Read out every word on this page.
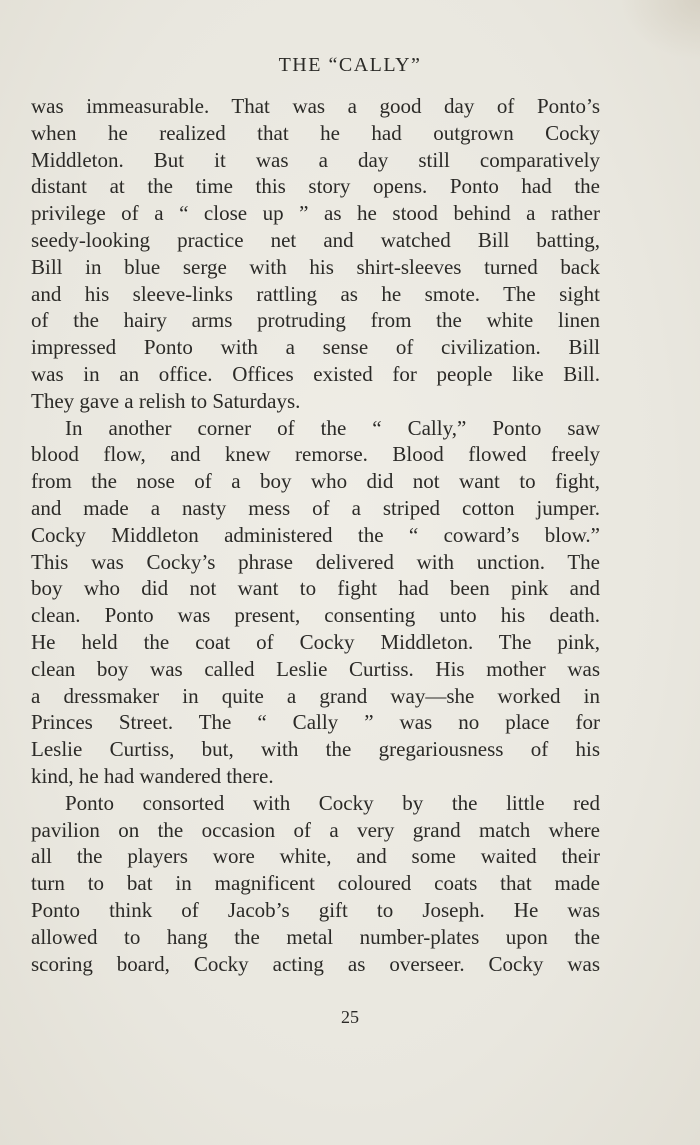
THE “CALLY”
was immeasurable. That was a good day of Ponto’s
when he realized that he had outgrown Cocky
Middleton. But it was a day still comparatively
distant at the time this story opens. Ponto had the
privilege of a “ close up ” as he stood behind a rather
seedy-looking practice net and watched Bill batting,
Bill in blue serge with his shirt-sleeves turned back
and his sleeve-links rattling as he smote. The sight
of the hairy arms protruding from the white linen
impressed Ponto with a sense of civilization. Bill
was in an office. Offices existed for people like Bill.
They gave a relish to Saturdays.
In another corner of the “ Cally,” Ponto saw
blood flow, and knew remorse. Blood flowed freely
from the nose of a boy who did not want to fight,
and made a nasty mess of a striped cotton jumper.
Cocky Middleton administered the “ coward’s blow.”
This was Cocky’s phrase delivered with unction. The
boy who did not want to fight had been pink and
clean. Ponto was present, consenting unto his death.
He held the coat of Cocky Middleton. The pink,
clean boy was called Leslie Curtiss. His mother was
a dressmaker in quite a grand way—she worked in
Princes Street. The “ Cally ” was no place for
Leslie Curtiss, but, with the gregariousness of his
kind, he had wandered there.
Ponto consorted with Cocky by the little red
pavilion on the occasion of a very grand match where
all the players wore white, and some waited their
turn to bat in magnificent coloured coats that made
Ponto think of Jacob’s gift to Joseph. He was
allowed to hang the metal number-plates upon the
scoring board, Cocky acting as overseer. Cocky was
25
